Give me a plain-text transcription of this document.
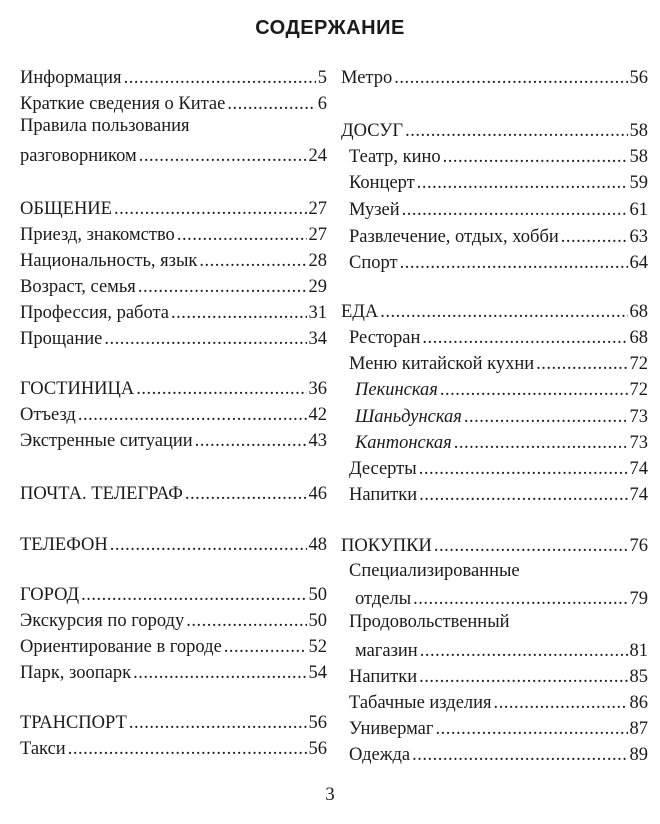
СОДЕРЖАНИЕ
Информация .....	5
Краткие сведения о Китае .....	6
Правила пользования
разговорником .....	24
ОБЩЕНИЕ .....	27
Приезд, знакомство .....	27
Национальность, язык .....	28
Возраст, семья .....	29
Профессия, работа .....	31
Прощание .....	34
ГОСТИНИЦА .....	36
Отъезд .....	42
Экстренные ситуации .....	43
ПОЧТА. ТЕЛЕГРАФ .....	46
ТЕЛЕФОН .....	48
ГОРОД .....	50
Экскурсия по городу .....	50
Ориентирование в городе .....	52
Парк, зоопарк .....	54
ТРАНСПОРТ .....	56
Такси .....	56
Метро .....	56
ДОСУГ .....	58
Театр, кино .....	58
Концерт .....	59
Музей .....	61
Развлечение, отдых, хобби .....	63
Спорт .....	64
ЕДА .....	68
Ресторан .....	68
Меню китайской кухни .....	72
Пекинская .....	72
Шаньдунская .....	73
Кантонская .....	73
Десерты .....	74
Напитки .....	74
ПОКУПКИ .....	76
Специализированные
отделы .....	79
Продовольственный
магазин .....	81
Напитки .....	85
Табачные изделия .....	86
Универмаг .....	87
Одежда .....	89
3
